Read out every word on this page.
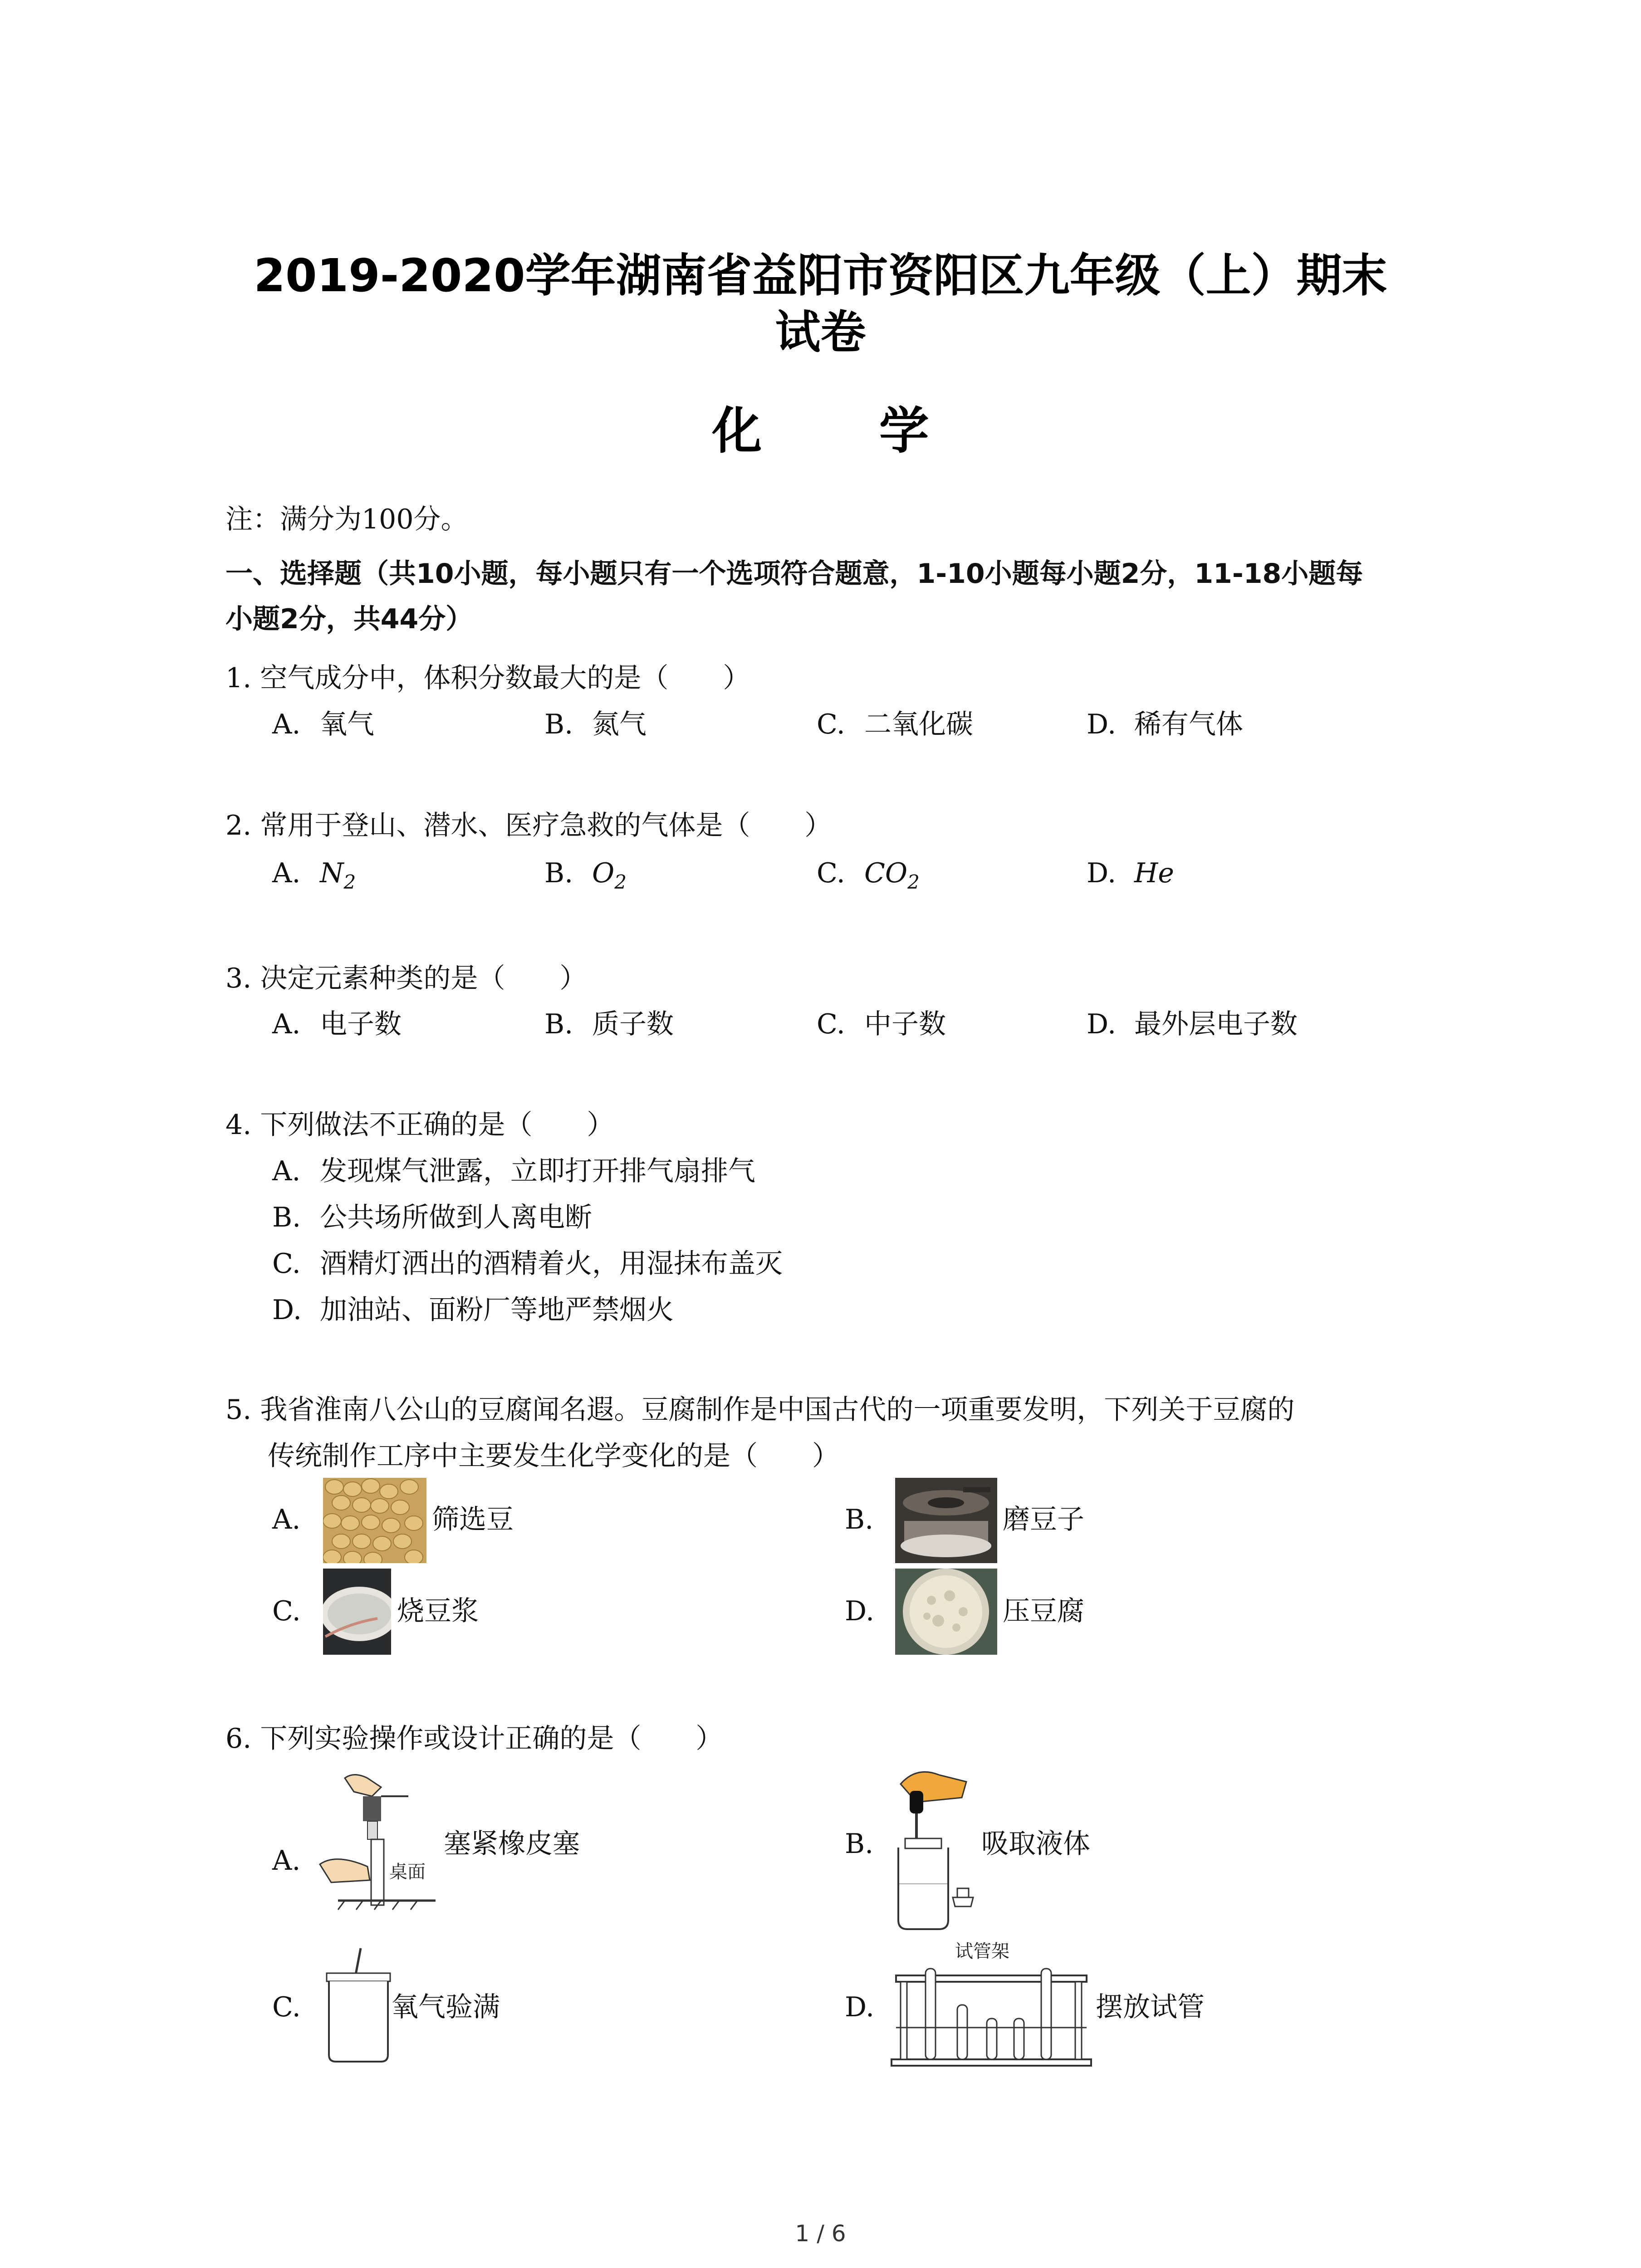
2019-2020学年湖南省益阳市资阳区九年级（上）期末
试卷
化 学
注：满分为100分。
一、选择题（共10小题，每小题只有一个选项符合题意，1-10小题每小题2分，11-18小题每
小题2分，共44分）
1. 空气成分中，体积分数最大的是（　　）
A. 氧气	B. 氮气	C. 二氧化碳	D. 稀有气体
2. 常用于登山、潜水、医疗急救的气体是（　　）
A. $N_2$	B. $O_2$	C. $CO_2$	D. He
3. 决定元素种类的是（　　）
A. 电子数	B. 质子数	C. 中子数	D. 最外层电子数
4. 下列做法不正确的是（　　）
A. 发现煤气泄露，立即打开排气扇排气
B. 公共场所做到人离电断
C. 酒精灯洒出的酒精着火，用湿抹布盖灭
D. 加油站、面粉厂等地严禁烟火
5. 我省淮南八公山的豆腐闻名遐。豆腐制作是中国古代的一项重要发明，下列关于豆腐的
传统制作工序中主要发生化学变化的是（　　）
A.	筛选豆	B.	磨豆子
C.	烧豆浆	D.	压豆腐
6. 下列实验操作或设计正确的是（　　）
A.	桌面
塞紧橡皮塞	B.	吸取液体
C.	氧气验满	D.
试管架
摆放试管
1 / 6
